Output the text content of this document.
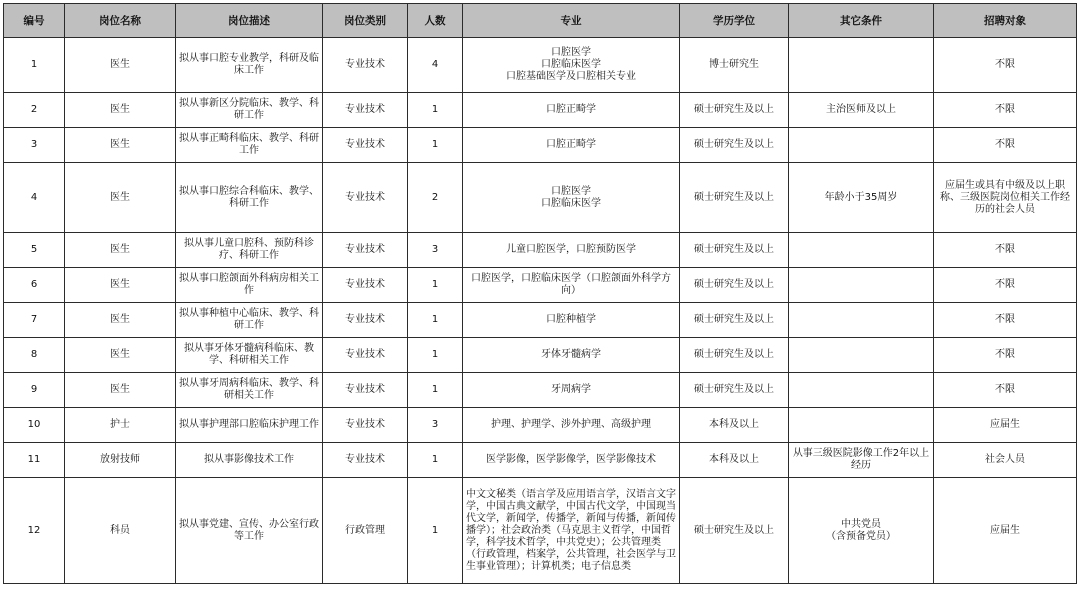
编号	岗位名称	岗位描述	岗位类别	人数	专业	学历学位	其它条件	招聘对象
1	医生	拟从事口腔专业教学，科研及临床工作	专业技术	4	口腔医学
口腔临床医学
口腔基础医学及口腔相关专业	博士研究生		不限
2	医生	拟从事新区分院临床、教学、科研工作	专业技术	1	口腔正畸学	硕士研究生及以上	主治医师及以上	不限
3	医生	拟从事正畸科临床、教学、科研工作	专业技术	1	口腔正畸学	硕士研究生及以上		不限
4	医生	拟从事口腔综合科临床、教学、科研工作	专业技术	2	口腔医学
口腔临床医学	硕士研究生及以上	年龄小于35周岁	应届生或具有中级及以上职称、三级医院岗位相关工作经历的社会人员
5	医生	拟从事儿童口腔科、预防科诊疗、科研工作	专业技术	3	儿童口腔医学，口腔预防医学	硕士研究生及以上		不限
6	医生	拟从事口腔颌面外科病房相关工作	专业技术	1	口腔医学，口腔临床医学（口腔颌面外科学方向）	硕士研究生及以上		不限
7	医生	拟从事种植中心临床、教学、科研工作	专业技术	1	口腔种植学	硕士研究生及以上		不限
8	医生	拟从事牙体牙髓病科临床、教学、科研相关工作	专业技术	1	牙体牙髓病学	硕士研究生及以上		不限
9	医生	拟从事牙周病科临床、教学、科研相关工作	专业技术	1	牙周病学	硕士研究生及以上		不限
10	护士	拟从事护理部口腔临床护理工作	专业技术	3	护理、护理学、涉外护理、高级护理	本科及以上		应届生
11	放射技师	拟从事影像技术工作	专业技术	1	医学影像，医学影像学，医学影像技术	本科及以上	从事三级医院影像工作2年以上经历	社会人员
12	科员	拟从事党建、宣传、办公室行政等工作	行政管理	1	中文文秘类（语言学及应用语言学，汉语言文字学，中国古典文献学，中国古代文学，中国现当代文学，新闻学，传播学，新闻与传播，新闻传播学）；社会政治类（马克思主义哲学，中国哲学，科学技术哲学，中共党史）；公共管理类（行政管理，档案学，公共管理，社会医学与卫生事业管理）；计算机类；电子信息类	硕士研究生及以上	中共党员
（含预备党员）	应届生
